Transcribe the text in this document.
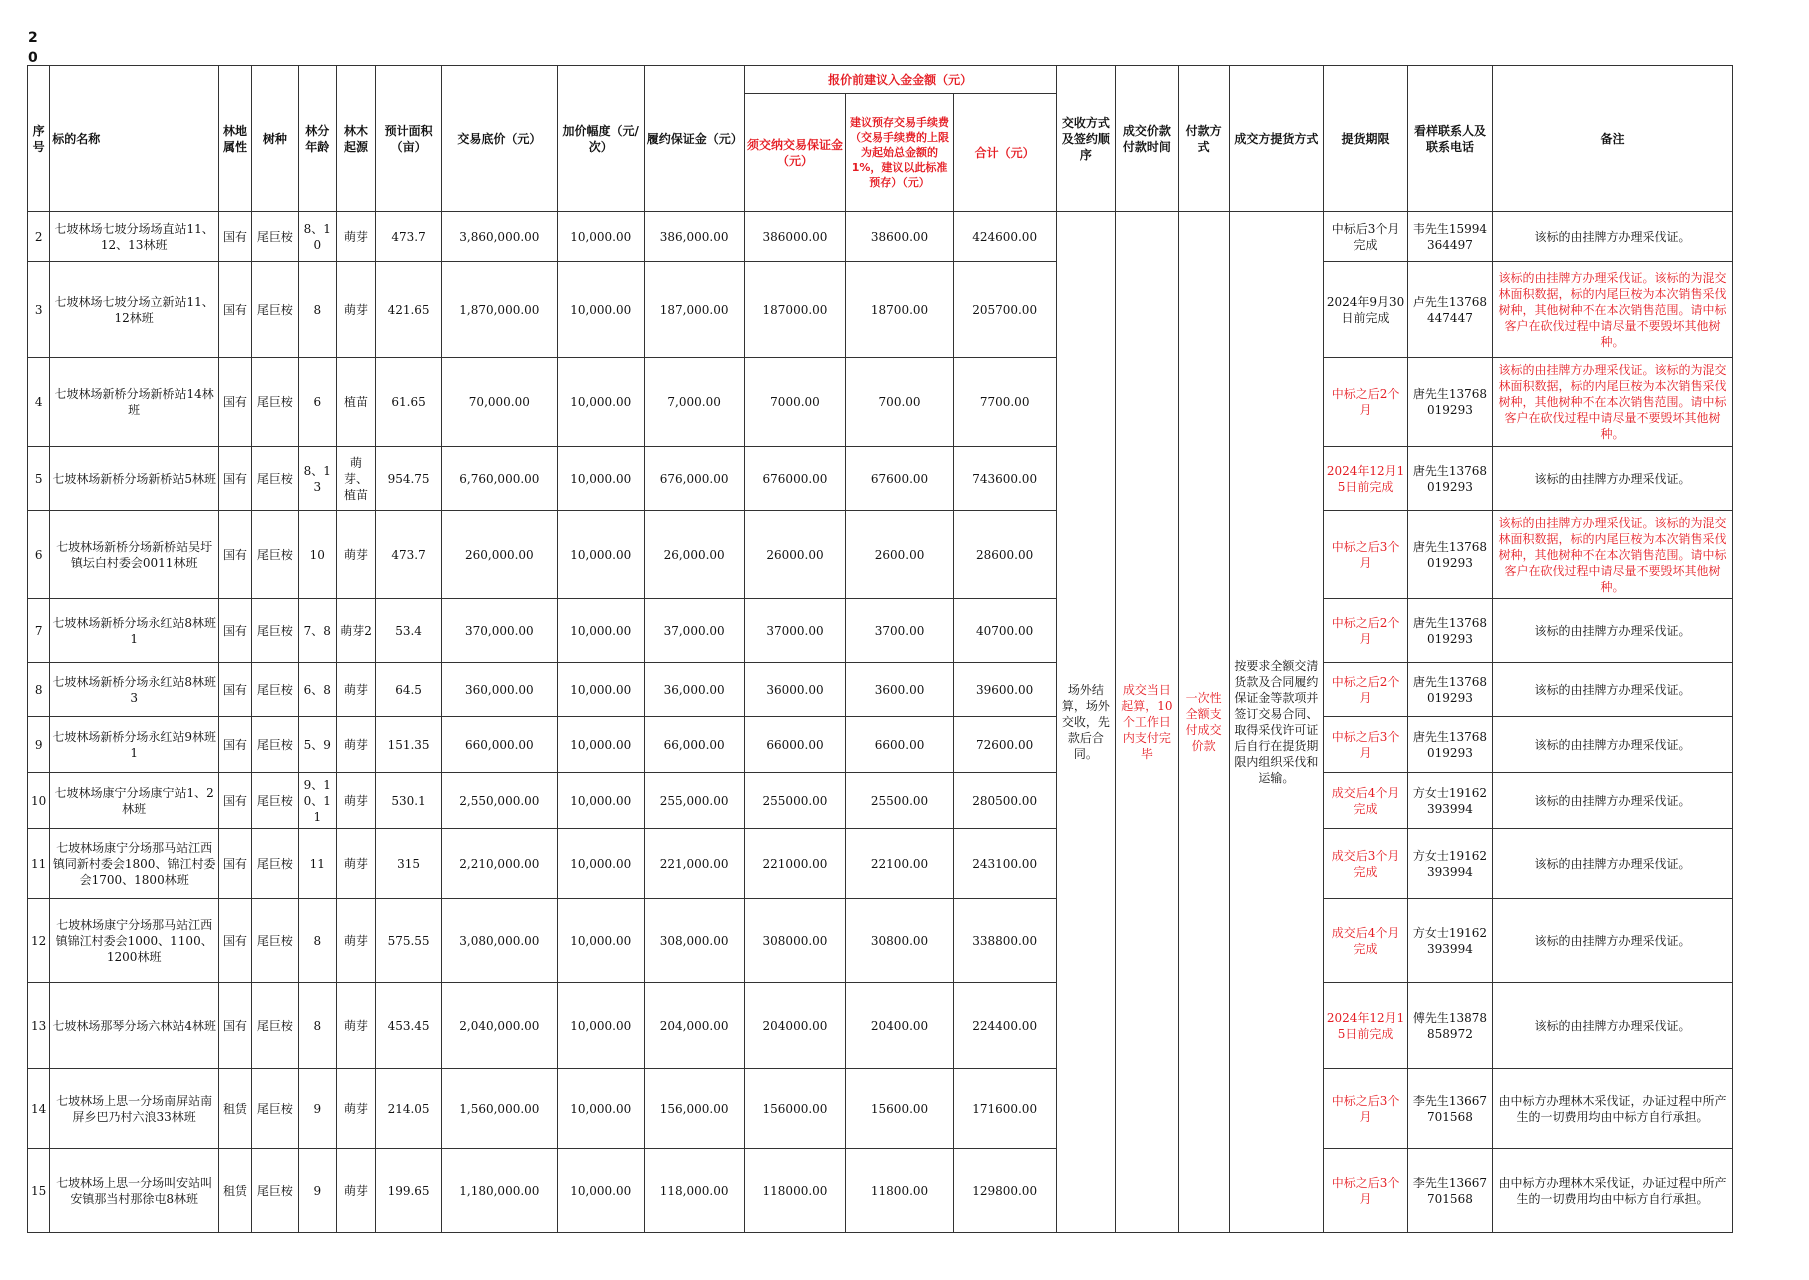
20
序号	标的名称	林地属性	树种	林分年龄	林木起源	预计面积（亩）	交易底价（元）	加价幅度（元/次）	履约保证金（元）	报价前建议入金金额（元）			交收方式及签约顺序	成交价款付款时间	付款方式	成交方提货方式	提货期限	看样联系人及联系电话	备注
										须交纳交易保证金（元）	建议预存交易手续费（交易手续费的上限为起始总金额的1%，建议以此标准预存）（元）	合计（元）							
2	七坡林场七坡分场场直站11、12、13林班	国有	尾巨桉	8、10	萌芽	473.7	3,860,000.00	10,000.00	386,000.00	386000.00	38600.00	424600.00	场外结算，场外交收，先款后合同。	成交当日起算，10个工作日内支付完毕	一次性全额支付成交价款	按要求全额交清货款及合同履约保证金等款项并签订交易合同、取得采伐许可证后自行在提货期限内组织采伐和运输。	中标后3个月完成	韦先生15994364497	该标的由挂牌方办理采伐证。
3	七坡林场七坡分场立新站11、12林班	国有	尾巨桉	8	萌芽	421.65	1,870,000.00	10,000.00	187,000.00	187000.00	18700.00	205700.00					2024年9月30日前完成	卢先生13768447447	该标的由挂牌方办理采伐证。该标的为混交林面积数据，标的内尾巨桉为本次销售采伐树种，其他树种不在本次销售范围。请中标客户在砍伐过程中请尽量不要毁坏其他树种。
4	七坡林场新桥分场新桥站14林班	国有	尾巨桉	6	植苗	61.65	70,000.00	10,000.00	7,000.00	7000.00	700.00	7700.00					中标之后2个月	唐先生13768019293	该标的由挂牌方办理采伐证。该标的为混交林面积数据，标的内尾巨桉为本次销售采伐树种，其他树种不在本次销售范围。请中标客户在砍伐过程中请尽量不要毁坏其他树种。
5	七坡林场新桥分场新桥站5林班	国有	尾巨桉	8、13	萌芽、植苗	954.75	6,760,000.00	10,000.00	676,000.00	676000.00	67600.00	743600.00					2024年12月15日前完成	唐先生13768019293	该标的由挂牌方办理采伐证。
6	七坡林场新桥分场新桥站吴圩镇坛白村委会0011林班	国有	尾巨桉	10	萌芽	473.7	260,000.00	10,000.00	26,000.00	26000.00	2600.00	28600.00					中标之后3个月	唐先生13768019293	该标的由挂牌方办理采伐证。该标的为混交林面积数据，标的内尾巨桉为本次销售采伐树种，其他树种不在本次销售范围。请中标客户在砍伐过程中请尽量不要毁坏其他树种。
7	七坡林场新桥分场永红站8林班1	国有	尾巨桉	7、8	萌芽2	53.4	370,000.00	10,000.00	37,000.00	37000.00	3700.00	40700.00					中标之后2个月	唐先生13768019293	该标的由挂牌方办理采伐证。
8	七坡林场新桥分场永红站8林班3	国有	尾巨桉	6、8	萌芽	64.5	360,000.00	10,000.00	36,000.00	36000.00	3600.00	39600.00					中标之后2个月	唐先生13768019293	该标的由挂牌方办理采伐证。
9	七坡林场新桥分场永红站9林班1	国有	尾巨桉	5、9	萌芽	151.35	660,000.00	10,000.00	66,000.00	66000.00	6600.00	72600.00					中标之后3个月	唐先生13768019293	该标的由挂牌方办理采伐证。
10	七坡林场康宁分场康宁站1、2林班	国有	尾巨桉	9、10、11	萌芽	530.1	2,550,000.00	10,000.00	255,000.00	255000.00	25500.00	280500.00					成交后4个月完成	方女士19162393994	该标的由挂牌方办理采伐证。
11	七坡林场康宁分场那马站江西镇同新村委会1800、锦江村委会1700、1800林班	国有	尾巨桉	11	萌芽	315	2,210,000.00	10,000.00	221,000.00	221000.00	22100.00	243100.00					成交后3个月完成	方女士19162393994	该标的由挂牌方办理采伐证。
12	七坡林场康宁分场那马站江西镇锦江村委会1000、1100、1200林班	国有	尾巨桉	8	萌芽	575.55	3,080,000.00	10,000.00	308,000.00	308000.00	30800.00	338800.00					成交后4个月完成	方女士19162393994	该标的由挂牌方办理采伐证。
13	七坡林场那琴分场六林站4林班	国有	尾巨桉	8	萌芽	453.45	2,040,000.00	10,000.00	204,000.00	204000.00	20400.00	224400.00					2024年12月15日前完成	傅先生13878858972	该标的由挂牌方办理采伐证。
14	七坡林场上思一分场南屏站南屏乡巴乃村六浪33林班	租赁	尾巨桉	9	萌芽	214.05	1,560,000.00	10,000.00	156,000.00	156000.00	15600.00	171600.00					中标之后3个月	李先生13667701568	由中标方办理林木采伐证，办证过程中所产生的一切费用均由中标方自行承担。
15	七坡林场上思一分场叫安站叫安镇那当村那徐屯8林班	租赁	尾巨桉	9	萌芽	199.65	1,180,000.00	10,000.00	118,000.00	118000.00	11800.00	129800.00					中标之后3个月	李先生13667701568	由中标方办理林木采伐证，办证过程中所产生的一切费用均由中标方自行承担。
